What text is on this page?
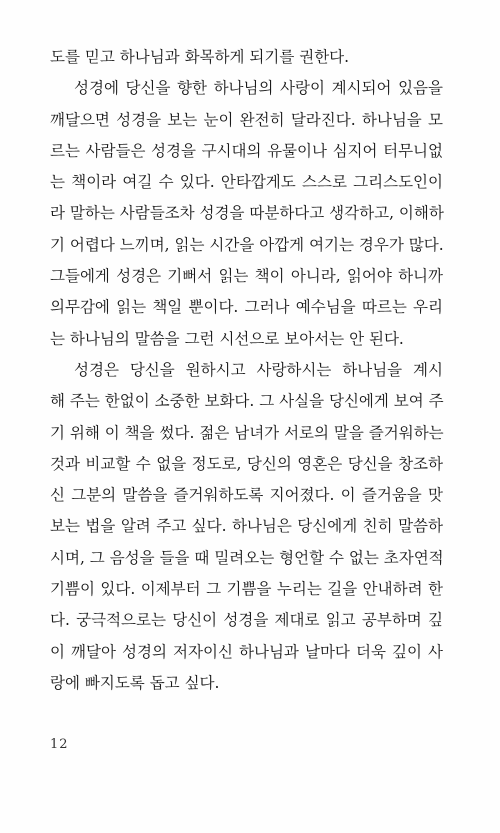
도를 믿고 하나님과 화목하게 되기를 권한다.
성경에 당신을 향한 하나님의 사랑이 계시되어 있음을
깨달으면 성경을 보는 눈이 완전히 달라진다. 하나님을 모
르는 사람들은 성경을 구시대의 유물이나 심지어 터무니없
는 책이라 여길 수 있다. 안타깝게도 스스로 그리스도인이
라 말하는 사람들조차 성경을 따분하다고 생각하고, 이해하
기 어렵다 느끼며, 읽는 시간을 아깝게 여기는 경우가 많다.
그들에게 성경은 기뻐서 읽는 책이 아니라, 읽어야 하니까
의무감에 읽는 책일 뿐이다. 그러나 예수님을 따르는 우리
는 하나님의 말씀을 그런 시선으로 보아서는 안 된다.
성경은 당신을 원하시고 사랑하시는 하나님을 계시
해 주는 한없이 소중한 보화다. 그 사실을 당신에게 보여 주
기 위해 이 책을 썼다. 젊은 남녀가 서로의 말을 즐거워하는
것과 비교할 수 없을 정도로, 당신의 영혼은 당신을 창조하
신 그분의 말씀을 즐거워하도록 지어졌다. 이 즐거움을 맛
보는 법을 알려 주고 싶다. 하나님은 당신에게 친히 말씀하
시며, 그 음성을 들을 때 밀려오는 형언할 수 없는 초자연적
기쁨이 있다. 이제부터 그 기쁨을 누리는 길을 안내하려 한
다. 궁극적으로는 당신이 성경을 제대로 읽고 공부하며 깊
이 깨달아 성경의 저자이신 하나님과 날마다 더욱 깊이 사
랑에 빠지도록 돕고 싶다.
12
